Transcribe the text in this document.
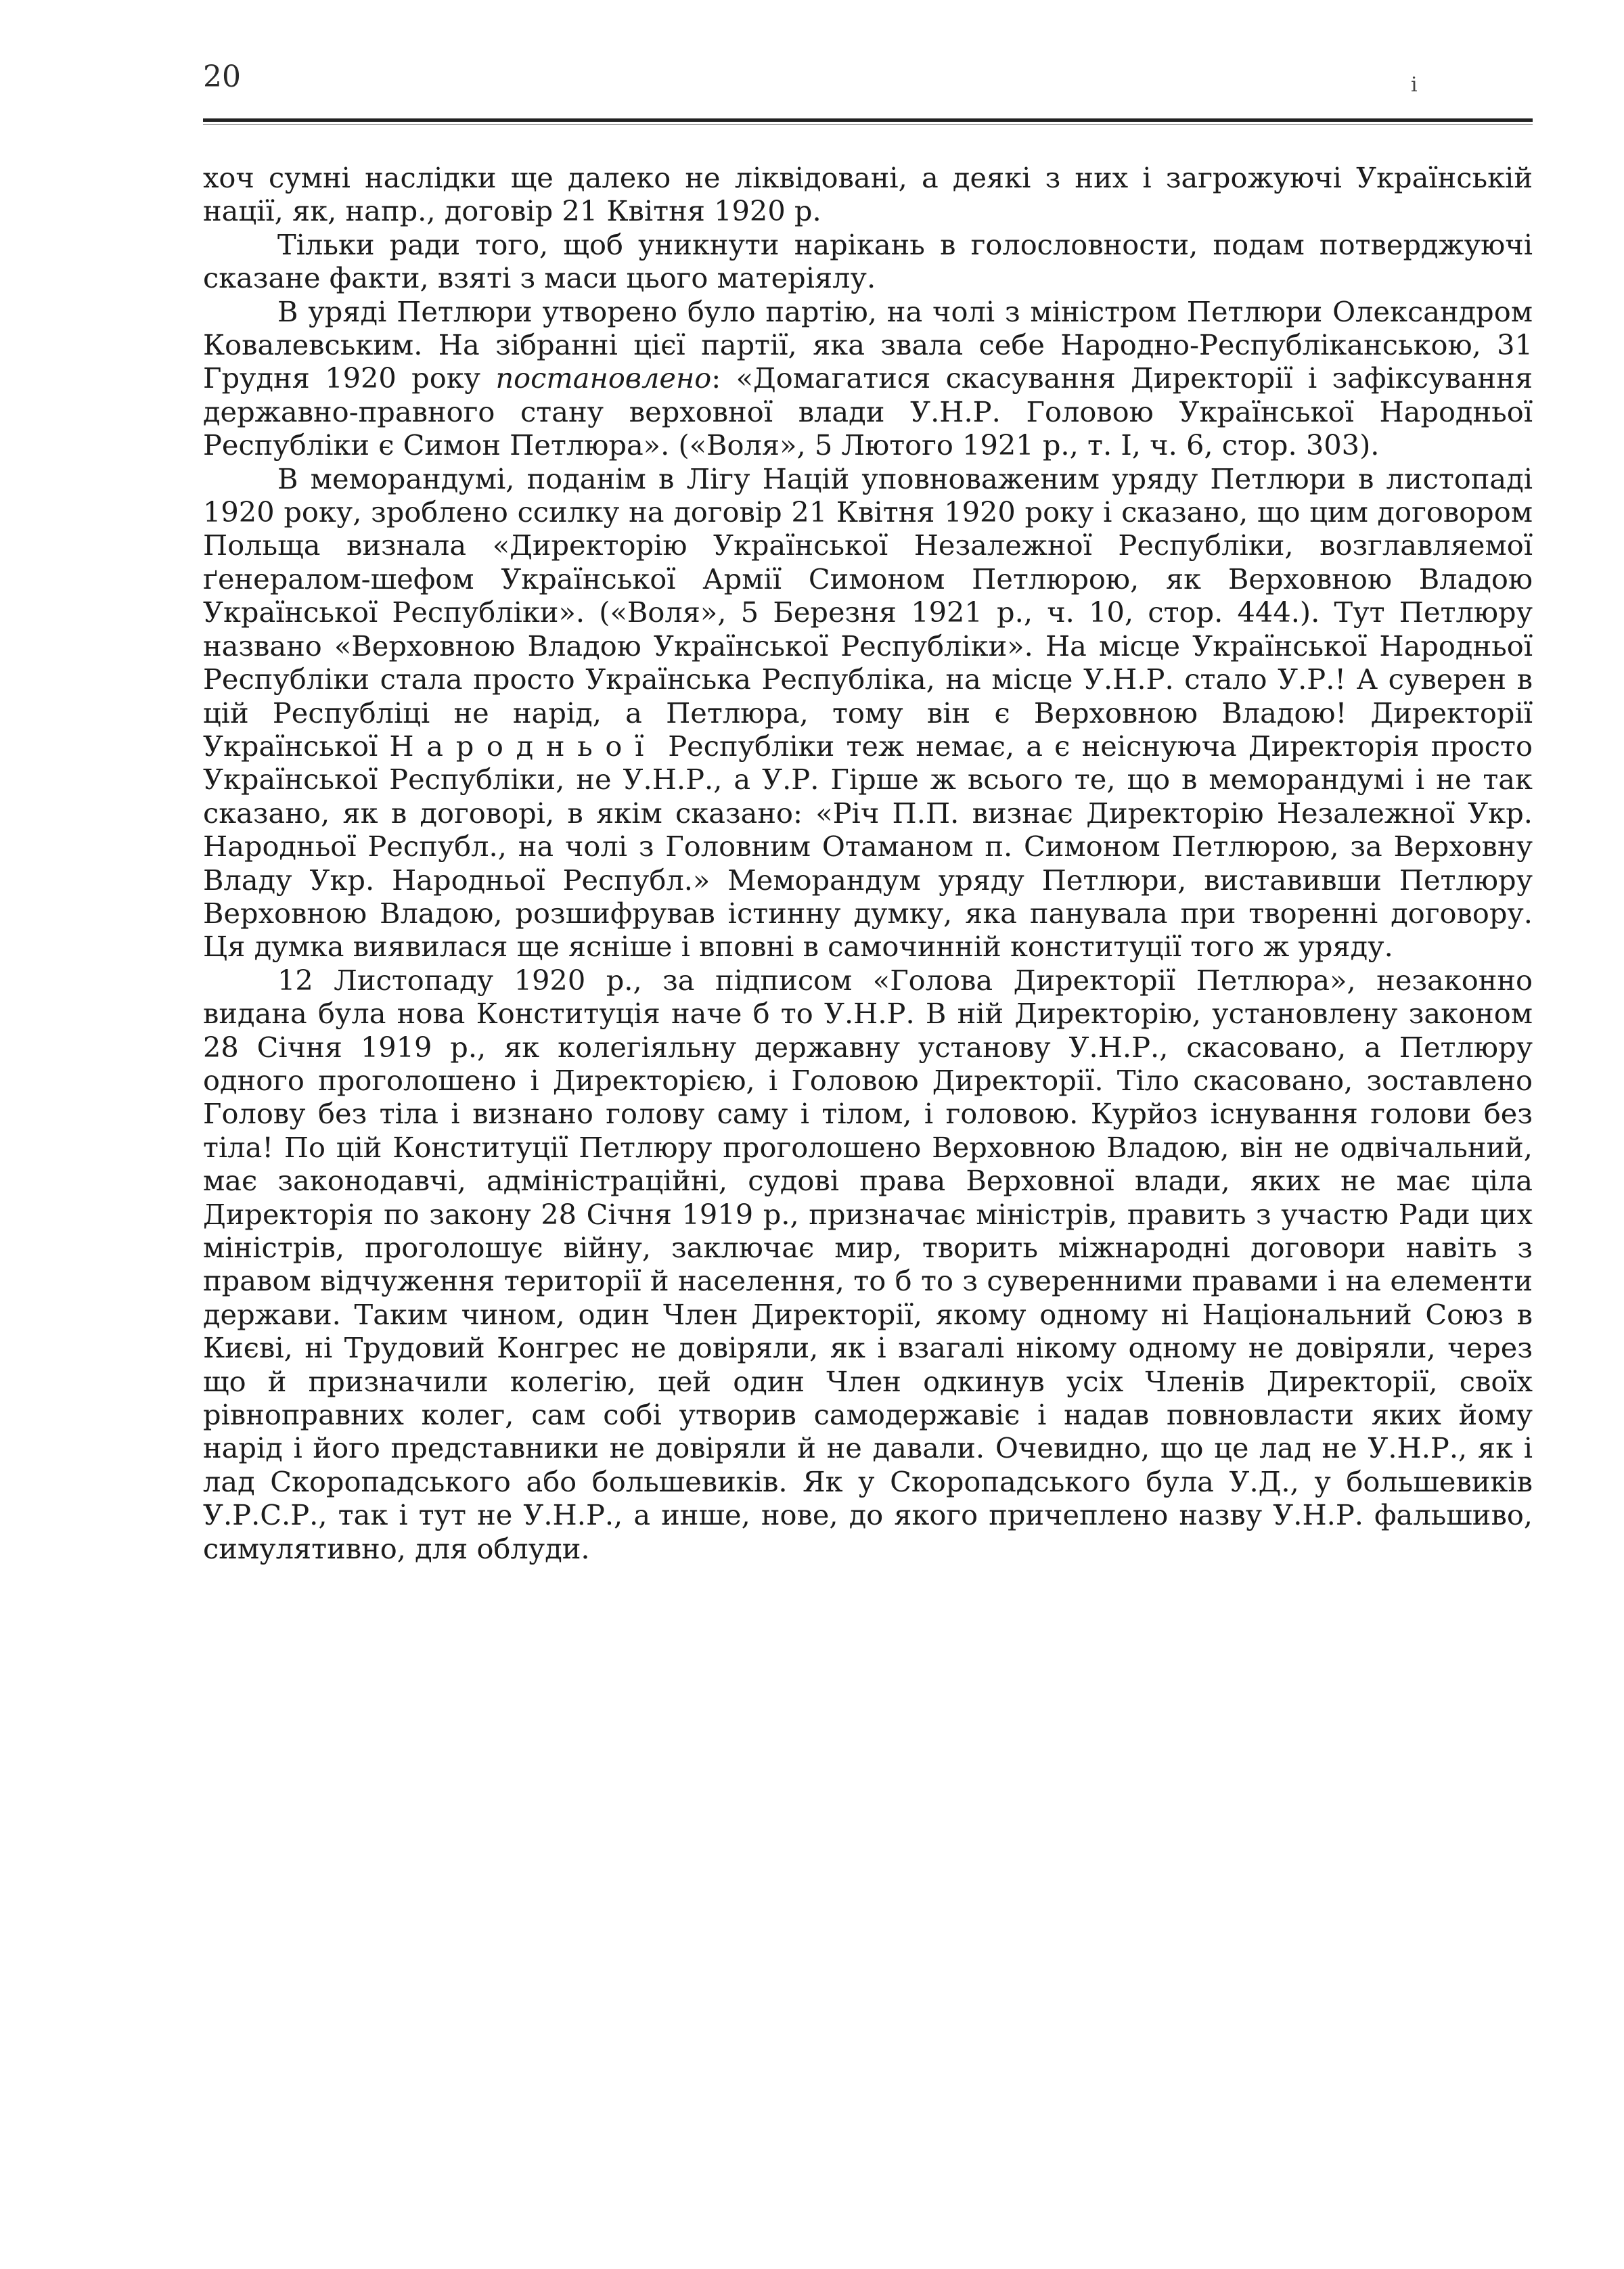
20	ⅰ

хоч сумні наслідки ще далеко не ліквідовані, а деякі з них і загрожуючі Українській нації, як, напр., договір 21 Квітня 1920 р.

Тільки ради того, щоб уникнути нарікань в голословности, подам потверджуючі сказане факти, взяті з маси цього матеріялу.

В уряді Петлюри утворено було партію, на чолі з міністром Петлюри Олександром Ковалевським. На зібранні цієї партії, яка звала себе Народно-Республіканською, 31 Грудня 1920 року постановлено: «Домагатися скасування Директорії і зафіксування державно-правного стану верховної влади У.Н.Р. Головою Української Народньої Республіки є Симон Петлюра». («Воля», 5 Лютого 1921 р., т. І, ч. 6, стор. 303).

В меморандумі, поданім в Лігу Націй уповноваженим уряду Петлюри в листопаді 1920 року, зроблено ссилку на договір 21 Квітня 1920 року і сказано, що цим договором Польща визнала «Директорію Української Незалежної Республіки, возглавляемої ґенералом-шефом Української Армії Симоном Петлюрою, як Верховною Владою Української Республіки». («Воля», 5 Березня 1921 р., ч. 10, стор. 444.). Тут Петлюру названо «Верховною Владою Української Республіки». На місце Української Народньої Республіки стала просто Українська Республіка, на місце У.Н.Р. стало У.Р.! А суверен в цій Республіці не нарід, а Петлюра, тому він є Верховною Владою! Директорії Української Народньої Республіки теж немає, а є неіснуюча Директорія просто Української Республіки, не У.Н.Р., а У.Р. Гірше ж всього те, що в меморандумі і не так сказано, як в договорі, в якім сказано: «Річ П.П. визнає Директорію Незалежної Укр. Народньої Республ., на чолі з Головним Отаманом п. Симоном Петлюрою, за Верховну Владу Укр. Народньої Республ.» Меморандум уряду Петлюри, виставивши Петлюру Верховною Владою, розшифрував істинну думку, яка панувала при творенні договору. Ця думка виявилася ще ясніше і вповні в самочинній конституції того ж уряду.

12 Листопаду 1920 р., за підписом «Голова Директорії Петлюра», незаконно видана була нова Конституція наче б то У.Н.Р. В ній Директорію, установлену законом 28 Січня 1919 р., як колегіяльну державну установу У.Н.Р., скасовано, а Петлюру одного проголошено і Директорією, і Головою Директорії. Тіло скасовано, зоставлено Голову без тіла і визнано голову саму і тілом, і головою. Курйоз існування голови без тіла! По цій Конституції Петлюру проголошено Верховною Владою, він не одвічальний, має законодавчі, адміністраційні, судові права Верховної влади, яких не має ціла Директорія по закону 28 Січня 1919 р., призначає міністрів, править з участю Ради цих міністрів, проголошує війну, заключає мир, творить міжнародні договори навіть з правом відчуження території й населення, то б то з суверенними правами і на елементи держави. Таким чином, один Член Директорії, якому одному ні Національний Союз в Києві, ні Трудовий Конгрес не довіряли, як і взагалі нікому одному не довіряли, через що й призначили колегію, цей один Член одкинув усіх Членів Директорії, своїх рівноправних колег, сам собі утворив самодержавіє і надав повновласти яких йому нарід і його представники не довіряли й не давали. Очевидно, що це лад не У.Н.Р., як і лад Скоропадського або большевиків. Як у Скоропадського була У.Д., у большевиків У.Р.С.Р., так і тут не У.Н.Р., а инше, нове, до якого причеплено назву У.Н.Р. фальшиво, симулятивно, для облуди.
